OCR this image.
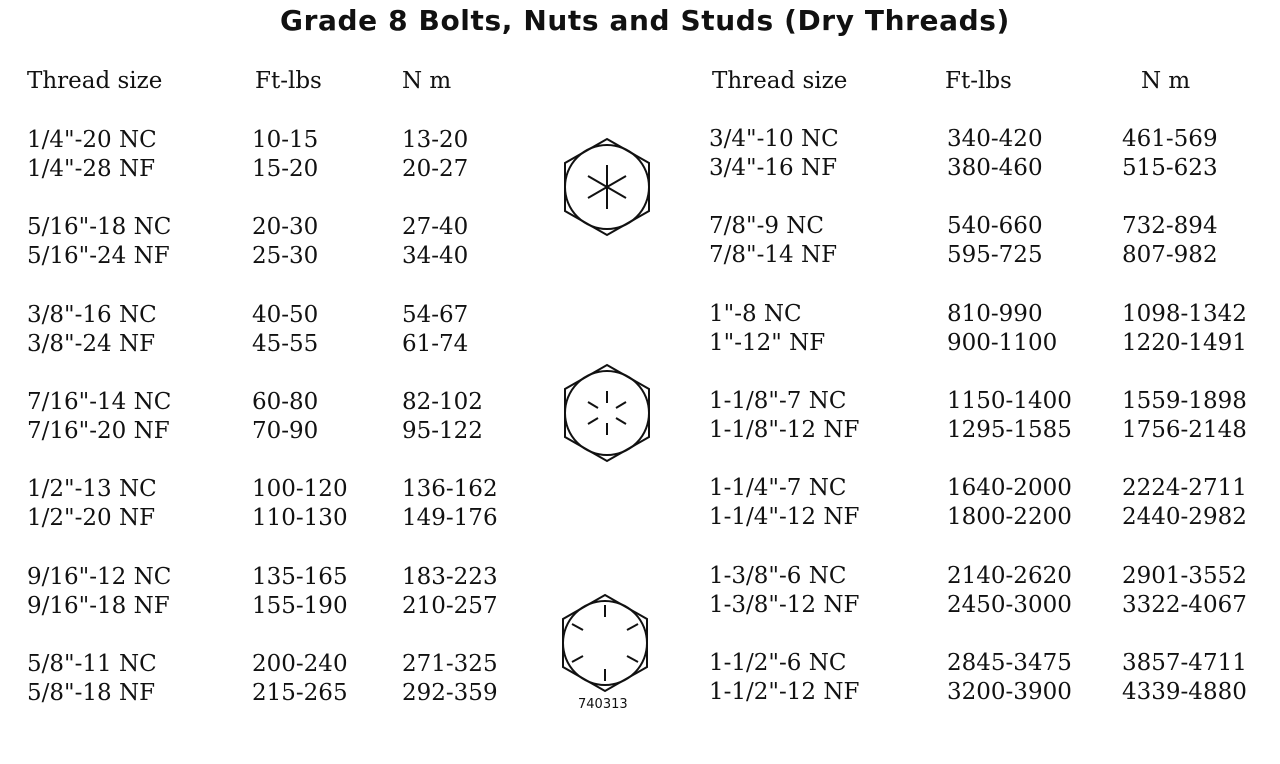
Grade 8 Bolts, Nuts and Studs (Dry Threads)
Thread size	Ft-lbs	N m
1/4"-20 NC	10-15	13-20
1/4"-28 NF	15-20	20-27
5/16"-18 NC	20-30	27-40
5/16"-24 NF	25-30	34-40
3/8"-16 NC	40-50	54-67
3/8"-24 NF	45-55	61-74
7/16"-14 NC	60-80	82-102
7/16"-20 NF	70-90	95-122
1/2"-13 NC	100-120 136-162
1/2"-20 NF	110-130 149-176
9/16"-12 NC	135-165 183-223
9/16"-18 NF	155-190 210-257
5/8"-11 NC	200-240 271-325
5/8"-18 NF	215-265 292-359
Thread size	Ft-lbs	N m
3/4"-10 NC	340-420	461-569
3/4"-16 NF	380-460	515-623
7/8"-9 NC	540-660	732-894
7/8"-14 NF	595-725	807-982
1"-8 NC	810-990	1098-1342
1"-12" NF	900-1100	1220-1491
1-1/8"-7 NC	1150-1400 1559-1898
1-1/8"-12 NF	1295-1585 1756-2148
1-1/4"-7 NC	1640-2000 2224-2711
1-1/4"-12 NF	1800-2200 2440-2982
1-3/8"-6 NC	2140-2620 2901-3552
1-3/8"-12 NF	2450-3000 3322-4067
1-1/2"-6 NC	2845-3475 3857-4711
1-1/2"-12 NF	3200-3900 4339-4880
740313
